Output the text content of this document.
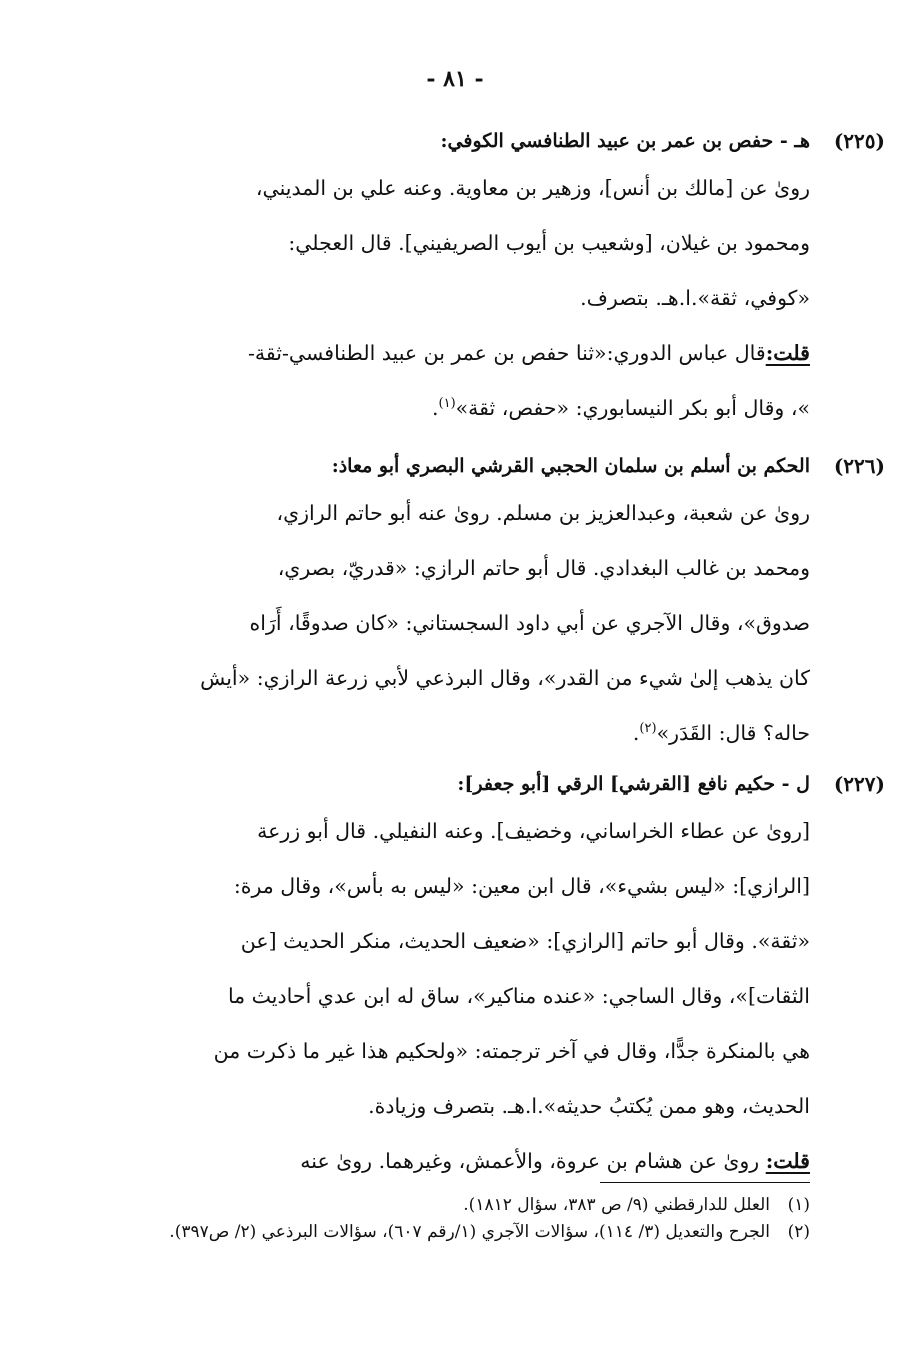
- ٨١ -
(٢٢٥)
هـ - حفص بن عمر بن عبيد الطنافسي الكوفي:

رویٰ عن [مالك بن أنس]، وزهير بن معاوية. وعنه علي بن المديني،
ومحمود بن غيلان، [وشعيب بن أيوب الصريفيني]. قال العجلي:
«كوفي، ثقة».ا.هـ. بتصرف.

قلت:قال عباس الدوري:«ثنا حفص بن عمر بن عبيد الطنافسي-ثقة-
»، وقال أبو بكر النيسابوري: «حفص، ثقة»$^{(١)}$.

(٢٢٦)
الحكم بن أسلم بن سلمان الحجبي القرشي البصري أبو معاذ:

روىٰ عن شعبة، وعبدالعزيز بن مسلم. روىٰ عنه أبو حاتم الرازي،
ومحمد بن غالب البغدادي. قال أبو حاتم الرازي: «قدريّ، بصري،
صدوق»، وقال الآجري عن أبي داود السجستاني: «كان صدوقًا، أَرَاه
كان يذهب إلىٰ شيء من القدر»، وقال البرذعي لأبي زرعة الرازي: «أيش
حاله؟ قال: القَدَر»$^{(٢)}$.

(٢٢٧)
ل - حكيم نافع [القرشي] الرقي [أبو جعفر]:

[روىٰ عن عطاء الخراساني، وخضيف]. وعنه النفيلي. قال أبو زرعة
[الرازي]: «ليس بشيء»، قال ابن معين: «ليس به بأس»، وقال مرة:
«ثقة». وقال أبو حاتم [الرازي]: «ضعيف الحديث، منكر الحديث [عن
الثقات]»، وقال الساجي: «عنده مناكير»، ساق له ابن عدي أحاديث ما
هي بالمنكرة جدًّا، وقال في آخر ترجمته: «ولحكيم هذا غير ما ذكرت من
الحديث، وهو ممن يُكتبُ حديثه».ا.هـ. بتصرف وزيادة.

قلت: روىٰ عن هشام بن عروة، والأعمش، وغيرهما. روىٰ عنه

(١)
العلل للدارقطني (٩/ ص ٣٨٣، سؤال ١٨١٢).
(٢)
الجرح والتعديل (٣/ ١١٤)، سؤالات الآجري (١/رقم ٦٠٧)، سؤالات البرذعي (٢/ ص٣٩٧).
